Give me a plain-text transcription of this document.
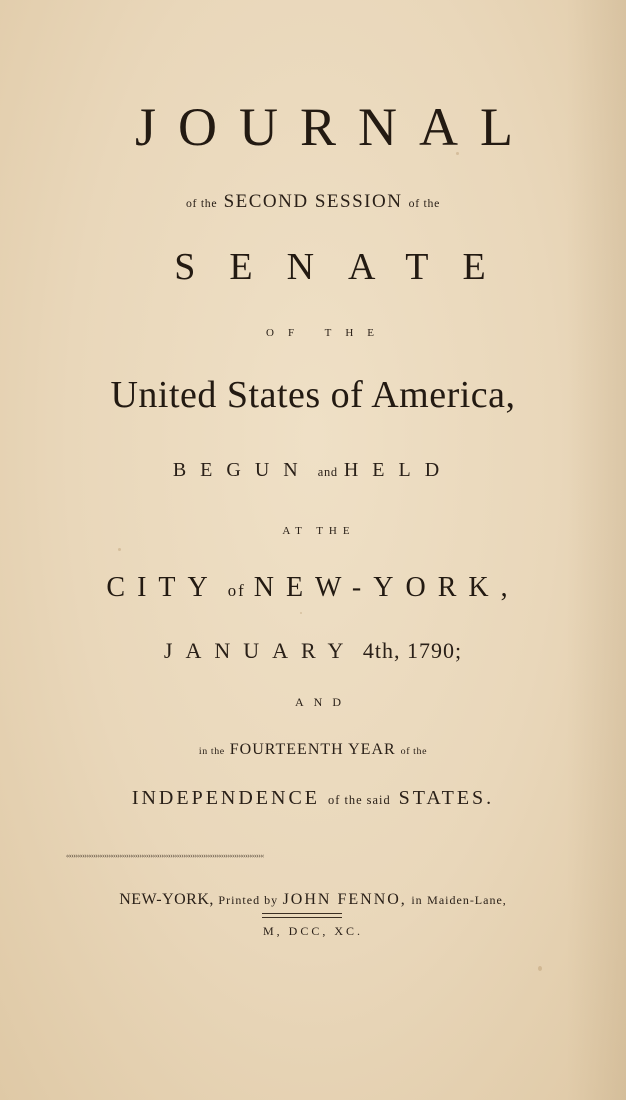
JOURNAL
of the SECOND SESSION of the
SENATE
OF THE
United States of America,
BEGUN and HELD
AT THE
CITY of NEW-YORK,
JANUARY 4th, 1790;
AND
in the FOURTEENTH YEAR of the
INDEPENDENCE of the said STATES.
‹‹‹‹‹‹‹‹‹‹‹‹‹‹‹‹‹‹‹‹‹‹‹‹‹‹‹‹‹‹‹‹‹‹‹‹‹‹‹‹‹‹‹‹‹‹‹‹‹‹‹‹‹‹‹‹‹‹‹‹‹‹‹‹‹‹‹‹‹‹‹‹‹‹‹‹‹‹‹‹‹‹‹‹‹‹‹‹‹‹‹‹‹‹‹‹‹‹‹‹‹‹‹‹‹‹‹‹
NEW-YORK, Printed by JOHN FENNO, in Maiden-Lane,
M, DCC, XC.
